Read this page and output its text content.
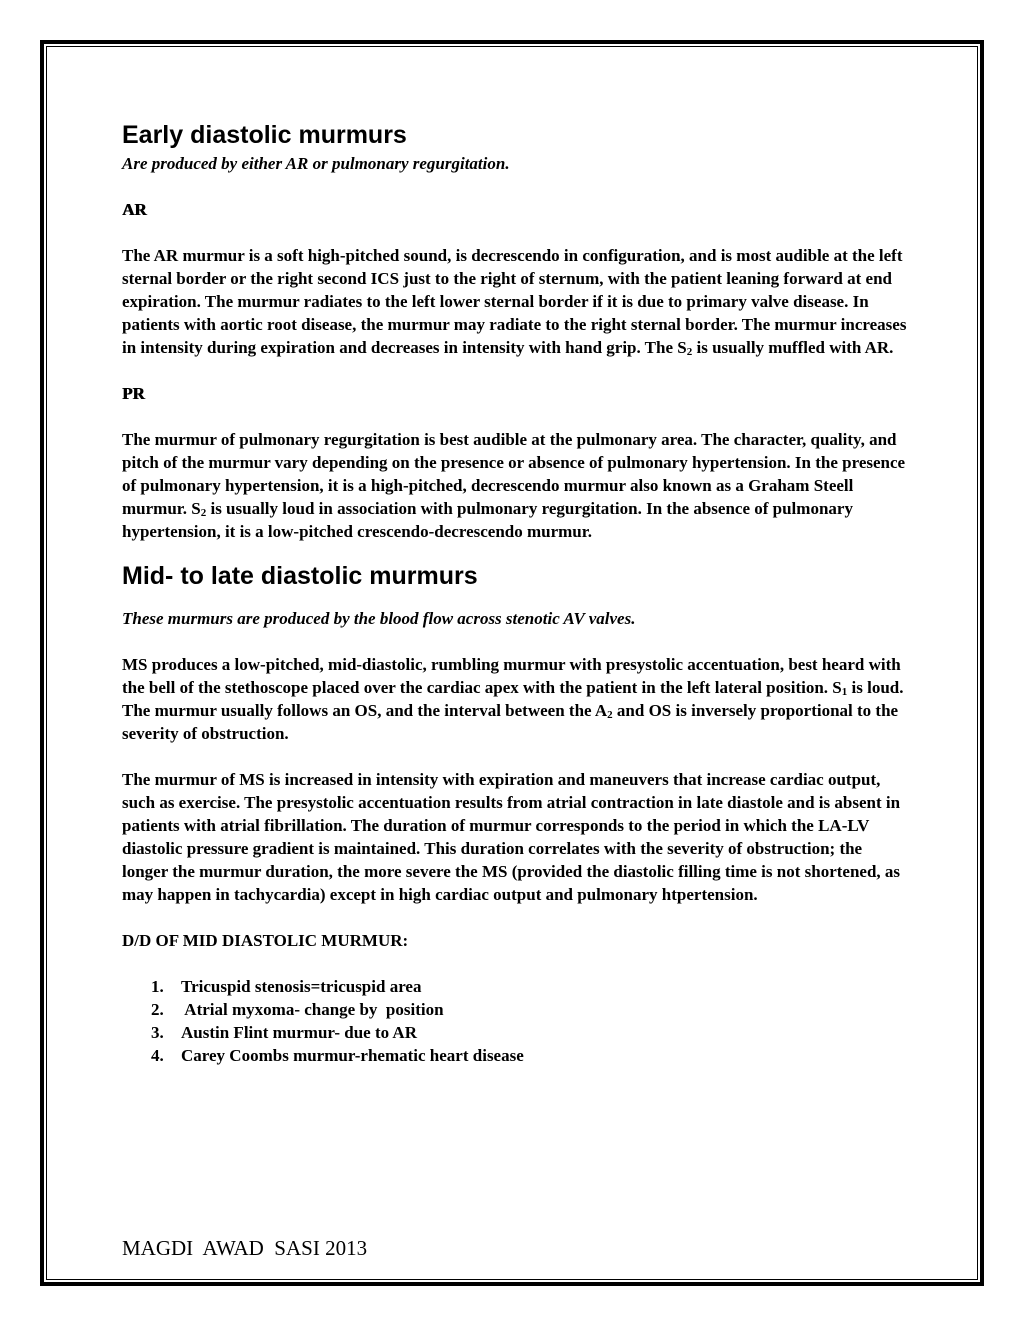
Early diastolic murmurs

Are produced by either AR or pulmonary regurgitation.

AR

The AR murmur is a soft high-pitched sound, is decrescendo in configuration, and is most audible at the left sternal border or the right second ICS just to the right of sternum, with the patient leaning forward at end expiration. The murmur radiates to the left lower sternal border if it is due to primary valve disease. In patients with aortic root disease, the murmur may radiate to the right sternal border. The murmur increases in intensity during expiration and decreases in intensity with hand grip. The $S_2$ is usually muffled with AR.

PR

The murmur of pulmonary regurgitation is best audible at the pulmonary area. The character, quality, and pitch of the murmur vary depending on the presence or absence of pulmonary hypertension. In the presence of pulmonary hypertension, it is a high-pitched, decrescendo murmur also known as a Graham Steell murmur. $S_2$ is usually loud in association with pulmonary regurgitation. In the absence of pulmonary hypertension, it is a low-pitched crescendo-decrescendo murmur.

Mid- to late diastolic murmurs

These murmurs are produced by the blood flow across stenotic AV valves.

MS produces a low-pitched, mid-diastolic, rumbling murmur with presystolic accentuation, best heard with the bell of the stethoscope placed over the cardiac apex with the patient in the left lateral position. $S_1$ is loud. The murmur usually follows an OS, and the interval between the $A_2$ and OS is inversely proportional to the severity of obstruction.

The murmur of MS is increased in intensity with expiration and maneuvers that increase cardiac output, such as exercise. The presystolic accentuation results from atrial contraction in late diastole and is absent in patients with atrial fibrillation. The duration of murmur corresponds to the period in which the LA-LV diastolic pressure gradient is maintained. This duration correlates with the severity of obstruction; the longer the murmur duration, the more severe the MS (provided the diastolic filling time is not shortened, as may happen in tachycardia) except in high cardiac output and pulmonary htpertension.

D/D OF MID DIASTOLIC MURMUR:

1. Tricuspid stenosis=tricuspid area
2. Atrial myxoma- change by  position
3. Austin Flint murmur- due to AR
4. Carey Coombs murmur-rhematic heart disease
MAGDI  AWAD  SASI 2013
